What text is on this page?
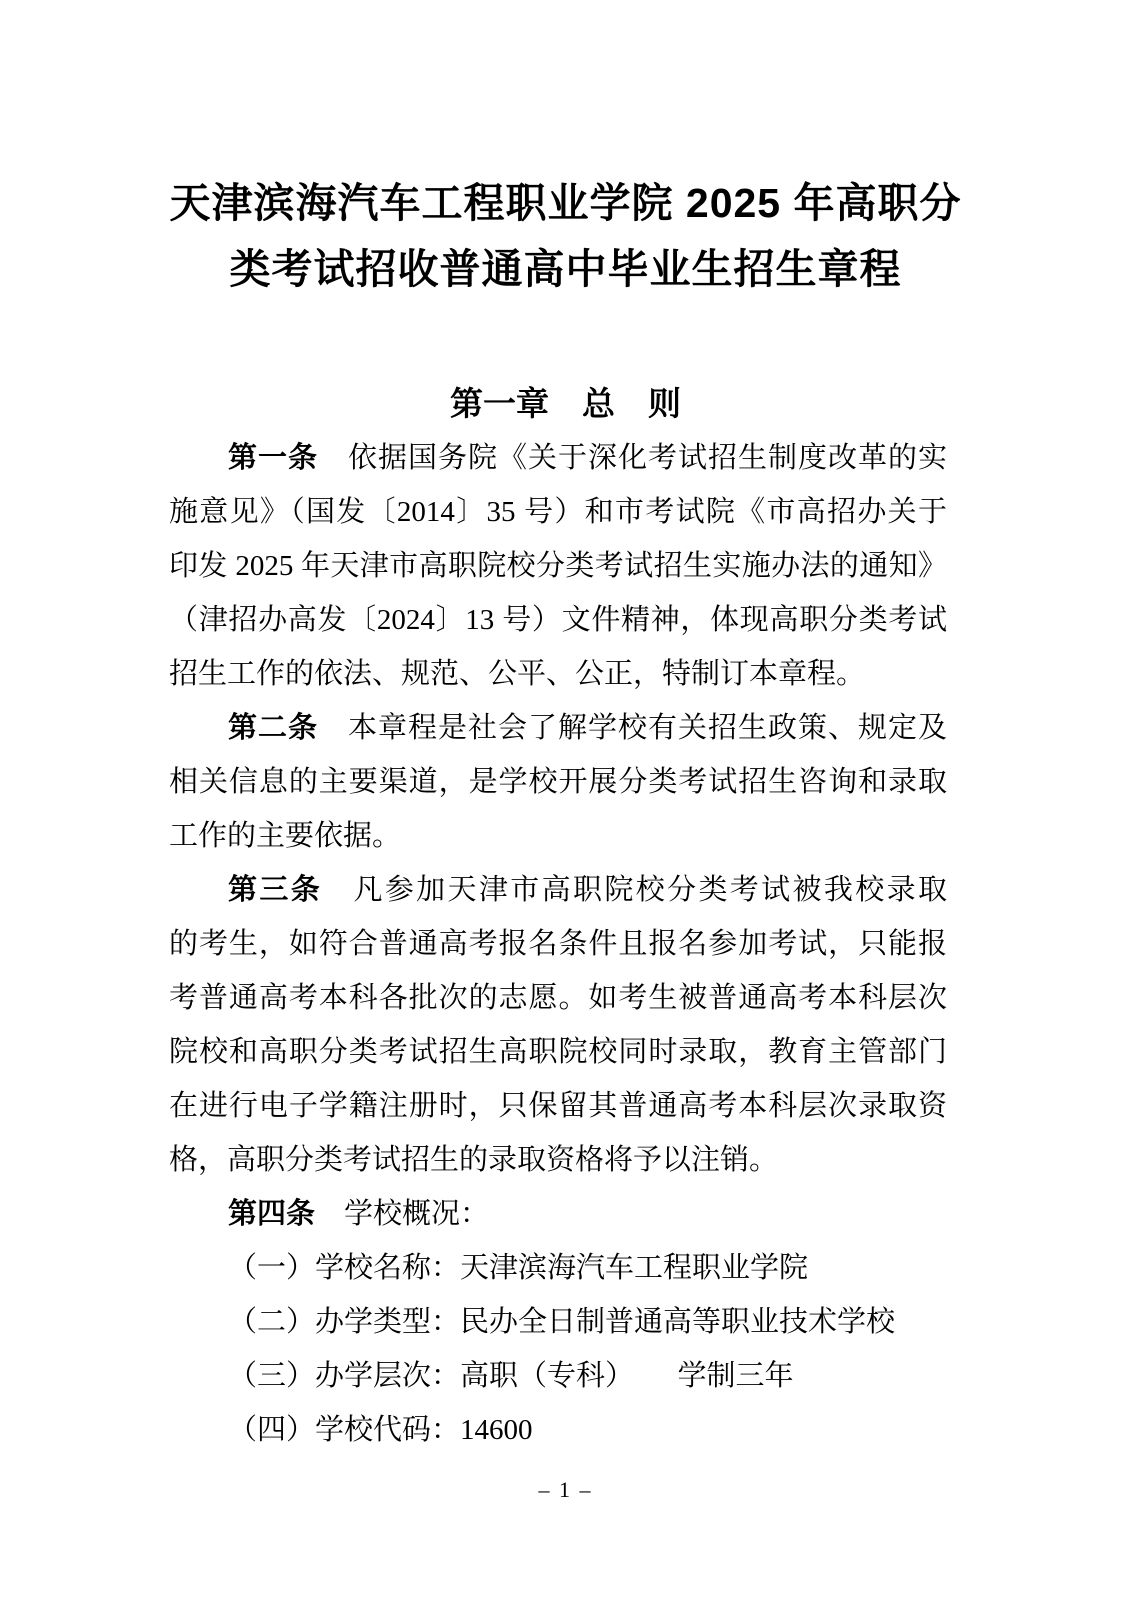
天津滨海汽车工程职业学院 2025 年高职分
类考试招收普通高中毕业生招生章程
第一章　总　则
第一条　依据国务院《关于深化考试招生制度改革的实
施意见》（国发〔2014〕35 号）和市考试院《市高招办关于
印发 2025 年天津市高职院校分类考试招生实施办法的通知》
（津招办高发〔2024〕13 号）文件精神，体现高职分类考试
招生工作的依法、规范、公平、公正，特制订本章程。
第二条　本章程是社会了解学校有关招生政策、规定及
相关信息的主要渠道，是学校开展分类考试招生咨询和录取
工作的主要依据。
第三条　凡参加天津市高职院校分类考试被我校录取
的考生，如符合普通高考报名条件且报名参加考试，只能报
考普通高考本科各批次的志愿。如考生被普通高考本科层次
院校和高职分类考试招生高职院校同时录取，教育主管部门
在进行电子学籍注册时，只保留其普通高考本科层次录取资
格，高职分类考试招生的录取资格将予以注销。
第四条　学校概况：
（一）学校名称：天津滨海汽车工程职业学院
（二）办学类型：民办全日制普通高等职业技术学校
（三）办学层次：高职（专科）　　学制三年
（四）学校代码：14600
– 1 –
